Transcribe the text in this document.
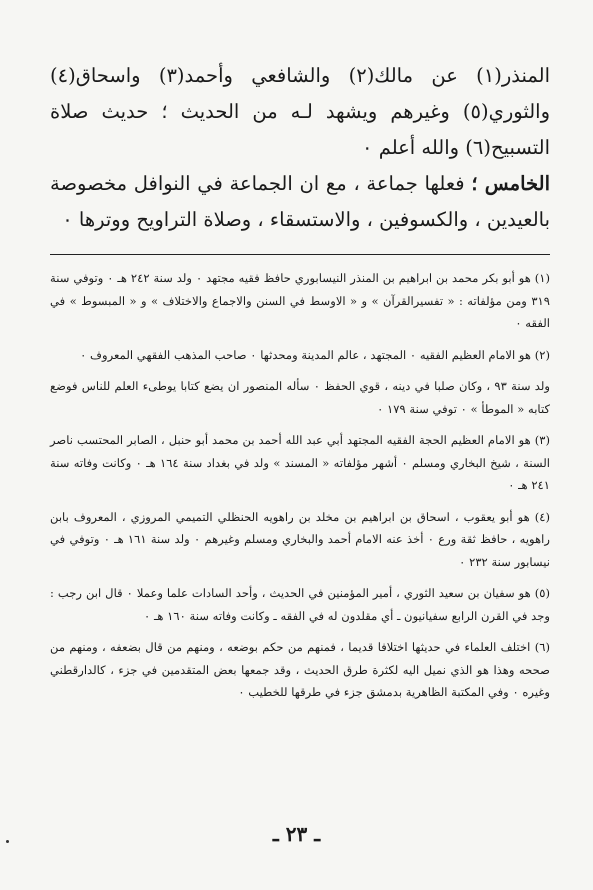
المنذر(١) عن مالك(٢) والشافعي وأحمد(٣) واسحاق(٤) والثوري(٥) وغيرهم ويشهد لـه من الحديث ؛ حديث صلاة التسبيح(٦) والله أعلم ٠

الخامس ؛ فعلها جماعة ، مع ان الجماعة في النوافل مخصوصة بالعيدين ، والكسوفين ، والاستسقاء ، وصلاة التراويح ووترها ٠

(١) هو أبو بكر محمد بن ابراهيم بن المنذر النيسابوري حافظ فقيه مجتهد ٠ ولد سنة ٢٤٢ هـ ٠ وتوفي سنة ٣١٩ ومن مؤلفاته : « تفسيرالقرآن » و « الاوسط في السنن والاجماع والاختلاف » و « المبسوط » في الفقه ٠

(٢) هو الامام العظيم الفقيه ٠ المجتهد ، عالم المدينة ومحدثها ٠ صاحب المذهب الفقهي المعروف ٠

ولد سنة ٩٣ ، وكان صلبا في دينه ، قوي الحفظ ٠ سأله المنصور ان يضع كتابا يوطىء العلم للناس فوضع كتابه « الموطأ » ٠ توفي سنة ١٧٩ ٠

(٣) هو الامام العظيم الحجة الفقيه المجتهد أبي عبد الله أحمد بن محمد أبو حنبل ، الصابر المحتسب ناصر السنة ، شيخ البخاري ومسلم ٠ أشهر مؤلفاته « المسند » ولد في بغداد سنة ١٦٤ هـ ٠ وكانت وفاته سنة ٢٤١ هـ ٠

(٤) هو أبو يعقوب ، اسحاق بن ابراهيم بن مخلد بن راهويه الحنظلي التميمي المروزي ، المعروف بابن راهويه ، حافظ ثقة ورع ٠ أخذ عنه الامام أحمد والبخاري ومسلم وغيرهم ٠ ولد سنة ١٦١ هـ ٠ وتوفي في نيسابور سنة ٢٣٢ ٠

(٥) هو سفيان بن سعيد الثوري ، أمير المؤمنين في الحديث ، وأحد السادات علما وعملا ٠ قال ابن رجب : وجد في القرن الرابع سفيانيون ـ أي مقلدون له في الفقه ـ وكانت وفاته سنة ١٦٠ هـ ٠

(٦) اختلف العلماء في حديثها اختلافا قديما ، فمنهم من حكم بوضعه ، ومنهم من قال بضعفه ، ومنهم من صححه وهذا هو الذي نميل اليه لكثرة طرق الحديث ، وقد جمعها بعض المتقدمين في جزء ، كالدارقطني وغيره ٠ وفي المكتبة الظاهرية بدمشق جزء في طرقها للخطيب ٠

ـ ٢٣ ـ
